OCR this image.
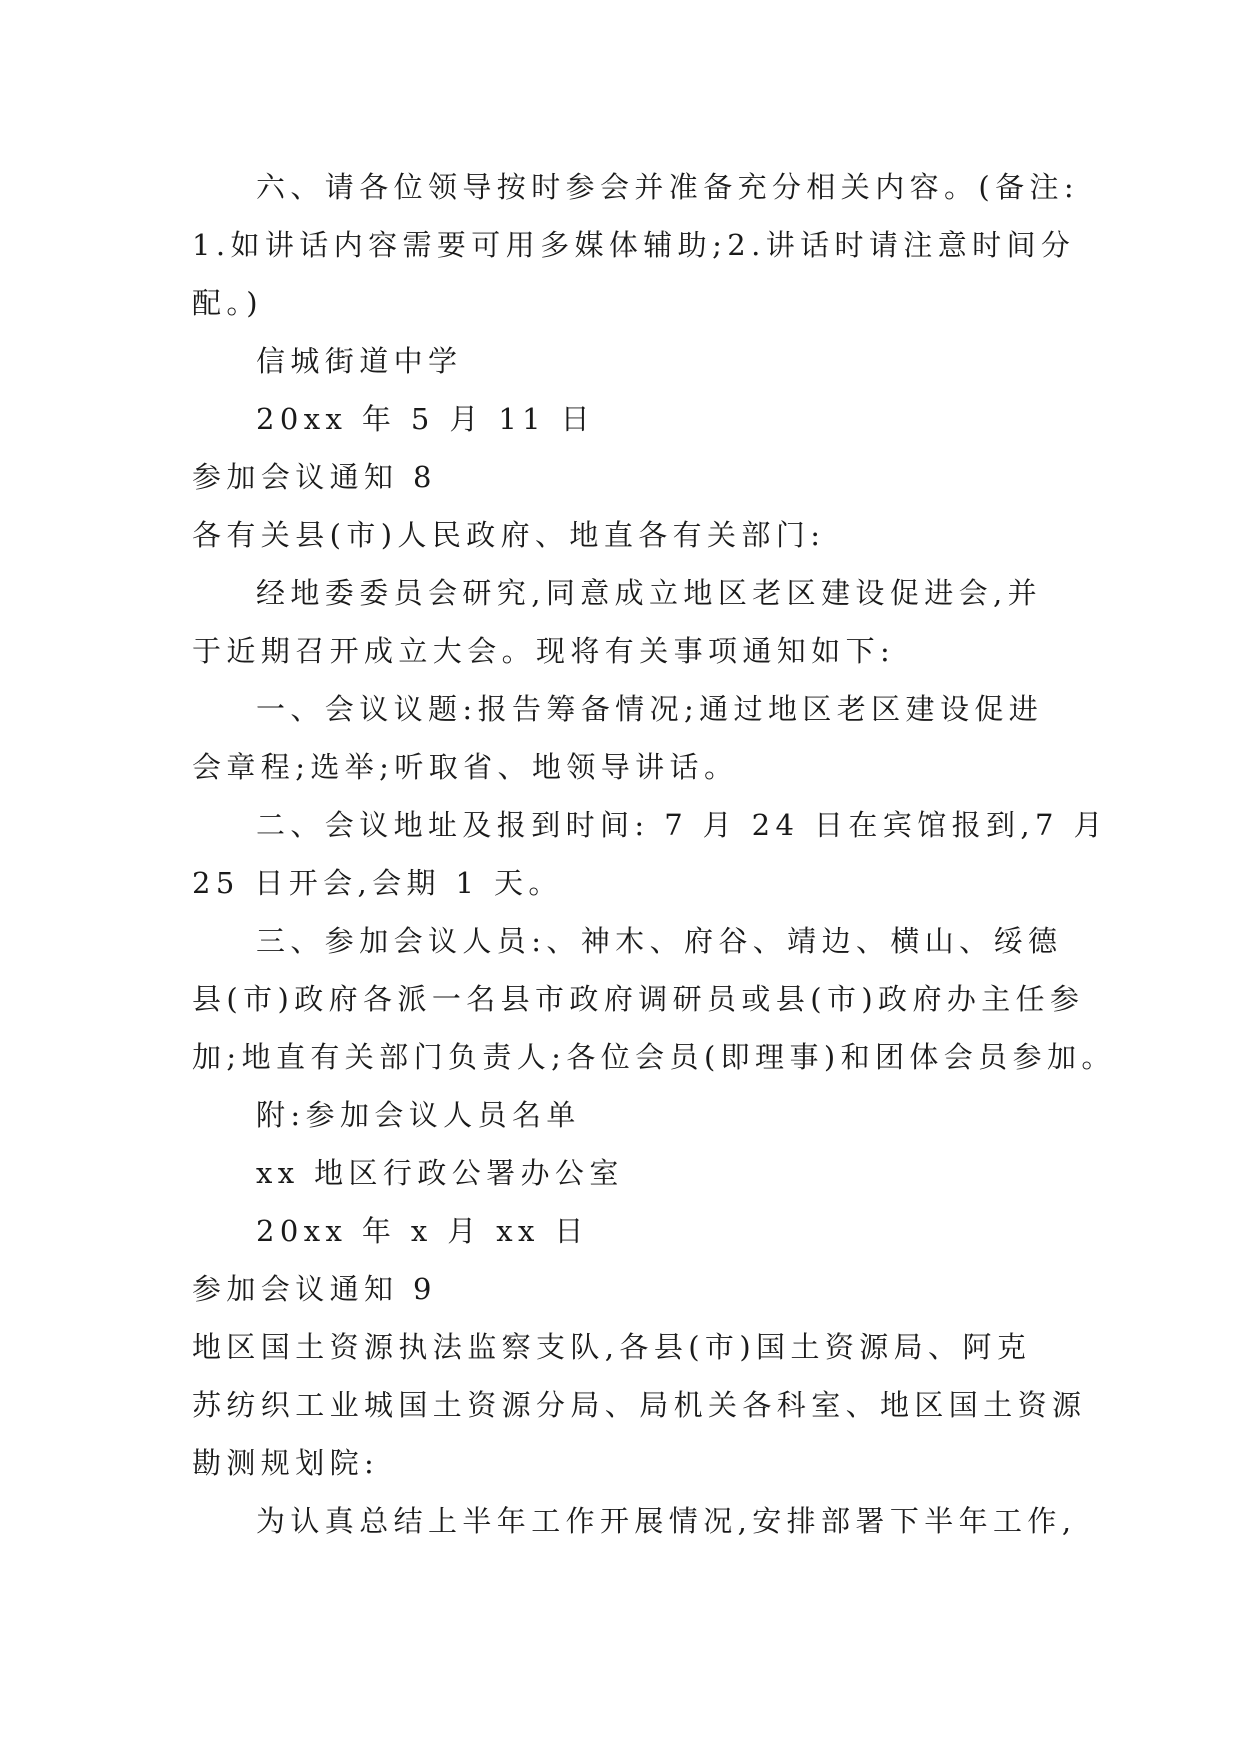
六、请各位领导按时参会并准备充分相关内容。(备注:
1.如讲话内容需要可用多媒体辅助;2.讲话时请注意时间分
配。)
信城街道中学
20xx 年 5 月 11 日
参加会议通知 8
各有关县(市)人民政府、地直各有关部门:
经地委委员会研究,同意成立地区老区建设促进会,并
于近期召开成立大会。现将有关事项通知如下:
一、会议议题:报告筹备情况;通过地区老区建设促进
会章程;选举;听取省、地领导讲话。
二、会议地址及报到时间: 7 月 24 日在宾馆报到,7 月
25 日开会,会期 1 天。
三、参加会议人员:、神木、府谷、靖边、横山、绥德
县(市)政府各派一名县市政府调研员或县(市)政府办主任参
加;地直有关部门负责人;各位会员(即理事)和团体会员参加。
附:参加会议人员名单
xx 地区行政公署办公室
20xx 年 x 月 xx 日
参加会议通知 9
地区国土资源执法监察支队,各县(市)国土资源局、阿克
苏纺织工业城国土资源分局、局机关各科室、地区国土资源
勘测规划院:
为认真总结上半年工作开展情况,安排部署下半年工作,
